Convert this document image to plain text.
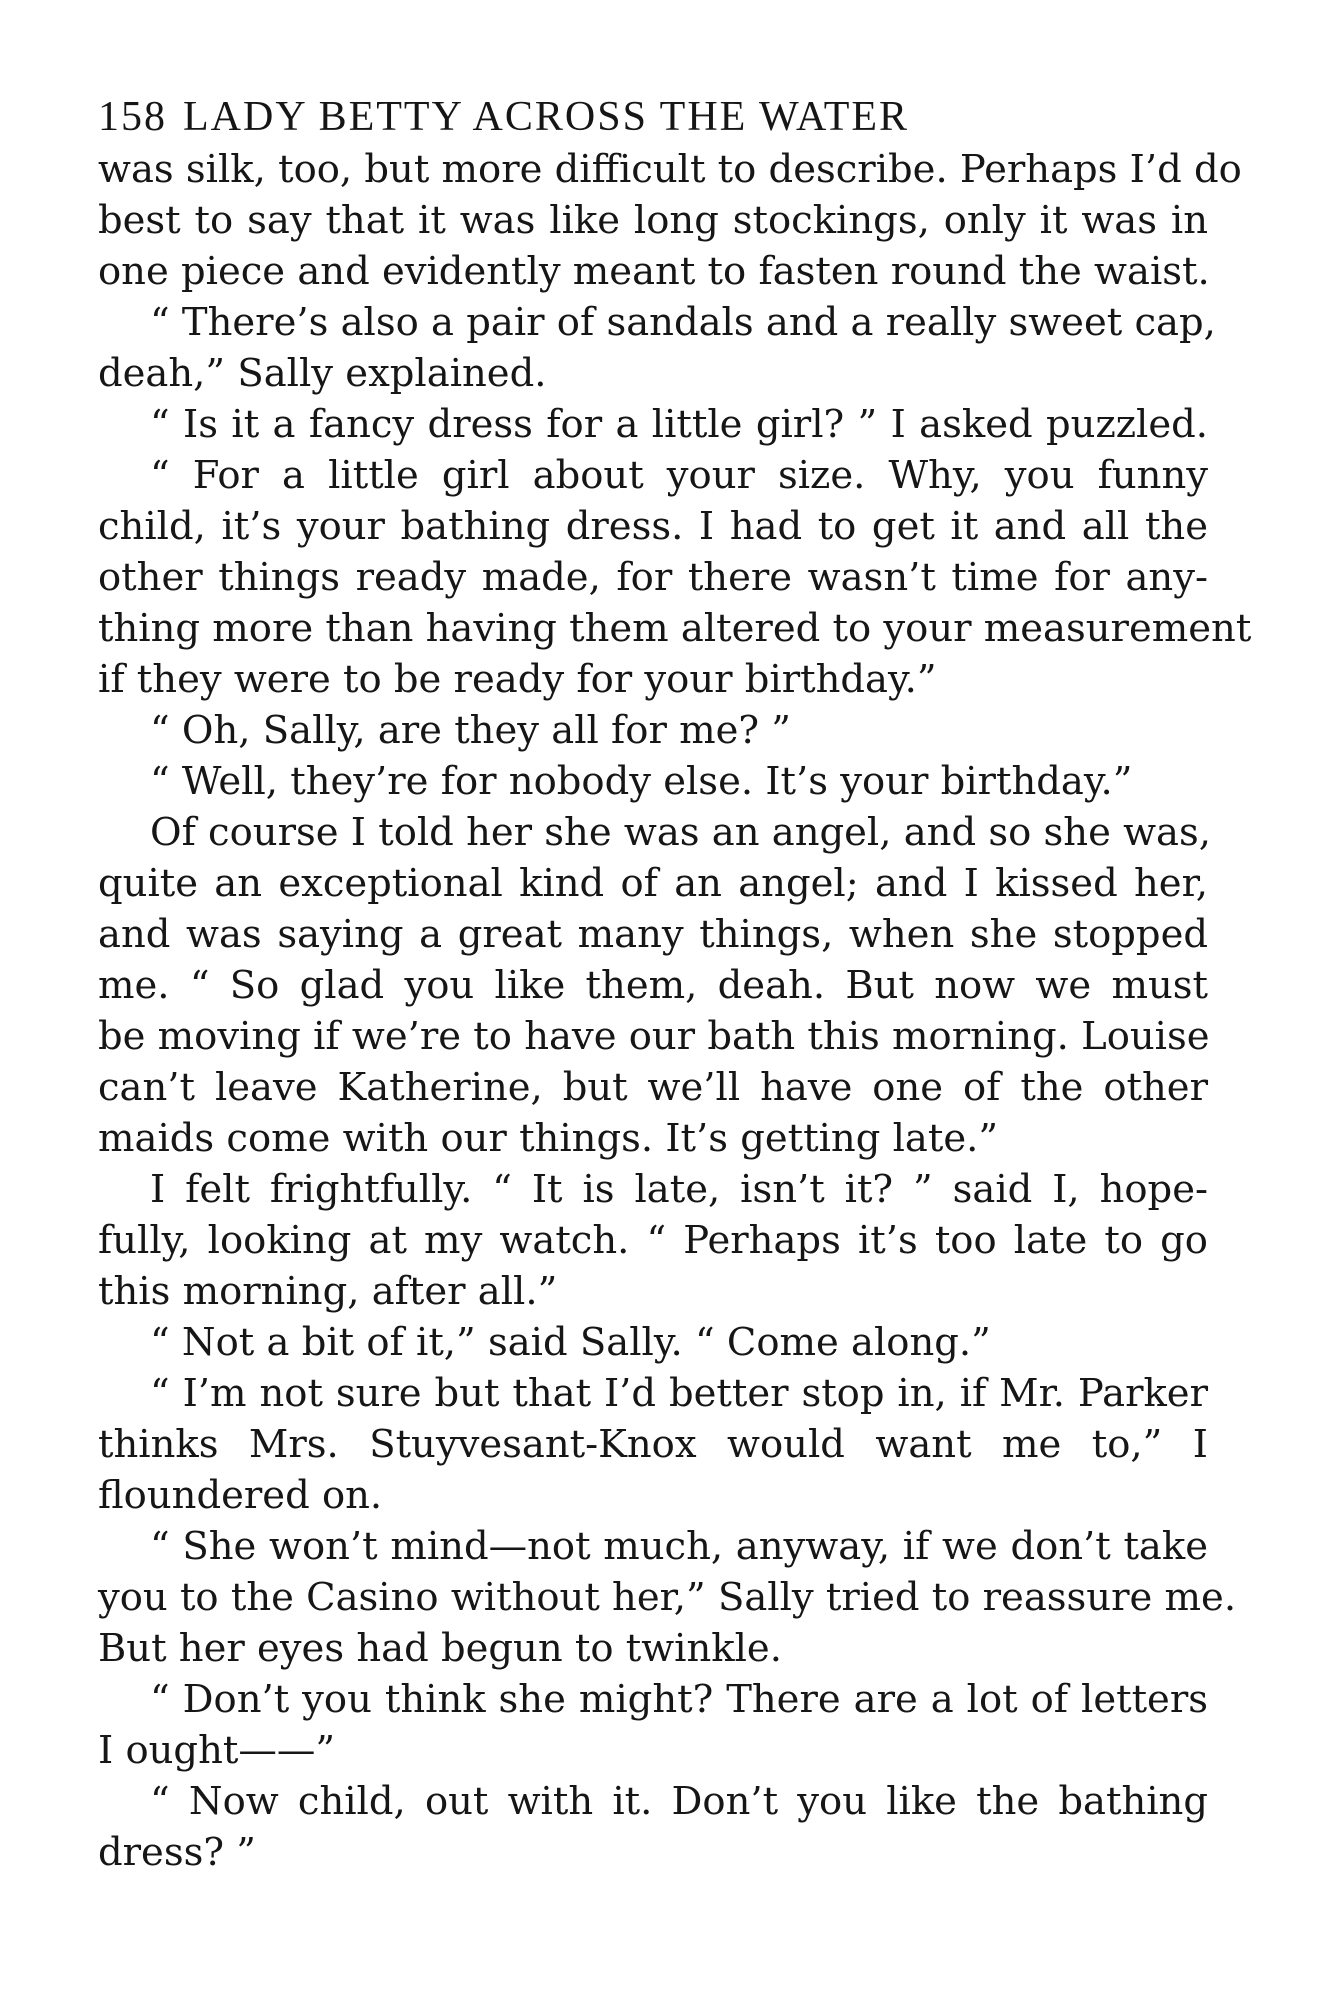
158 LADY BETTY ACROSS THE WATER
was silk, too, but more difficult to describe. Perhaps I’d do
best to say that it was like long stockings, only it was in
one piece and evidently meant to fasten round the waist.
“ There’s also a pair of sandals and a really sweet cap,
deah,” Sally explained.
“ Is it a fancy dress for a little girl? ” I asked puzzled.
“ For a little girl about your size. Why, you funny
child, it’s your bathing dress. I had to get it and all the
other things ready made, for there wasn’t time for any-
thing more than having them altered to your measurement
if they were to be ready for your birthday.”
“ Oh, Sally, are they all for me? ”
“ Well, they’re for nobody else. It’s your birthday.”
Of course I told her she was an angel, and so she was,
quite an exceptional kind of an angel; and I kissed her,
and was saying a great many things, when she stopped
me. “ So glad you like them, deah. But now we must
be moving if we’re to have our bath this morning. Louise
can’t leave Katherine, but we’ll have one of the other
maids come with our things. It’s getting late.”
I felt frightfully. “ It is late, isn’t it? ” said I, hope-
fully, looking at my watch. “ Perhaps it’s too late to go
this morning, after all.”
“ Not a bit of it,” said Sally. “ Come along.”
“ I’m not sure but that I’d better stop in, if Mr. Parker
thinks Mrs. Stuyvesant-Knox would want me to,” I
floundered on.
“ She won’t mind—not much, anyway, if we don’t take
you to the Casino without her,” Sally tried to reassure me.
But her eyes had begun to twinkle.
“ Don’t you think she might? There are a lot of letters
I ought——”
“ Now child, out with it. Don’t you like the bathing
dress? ”
